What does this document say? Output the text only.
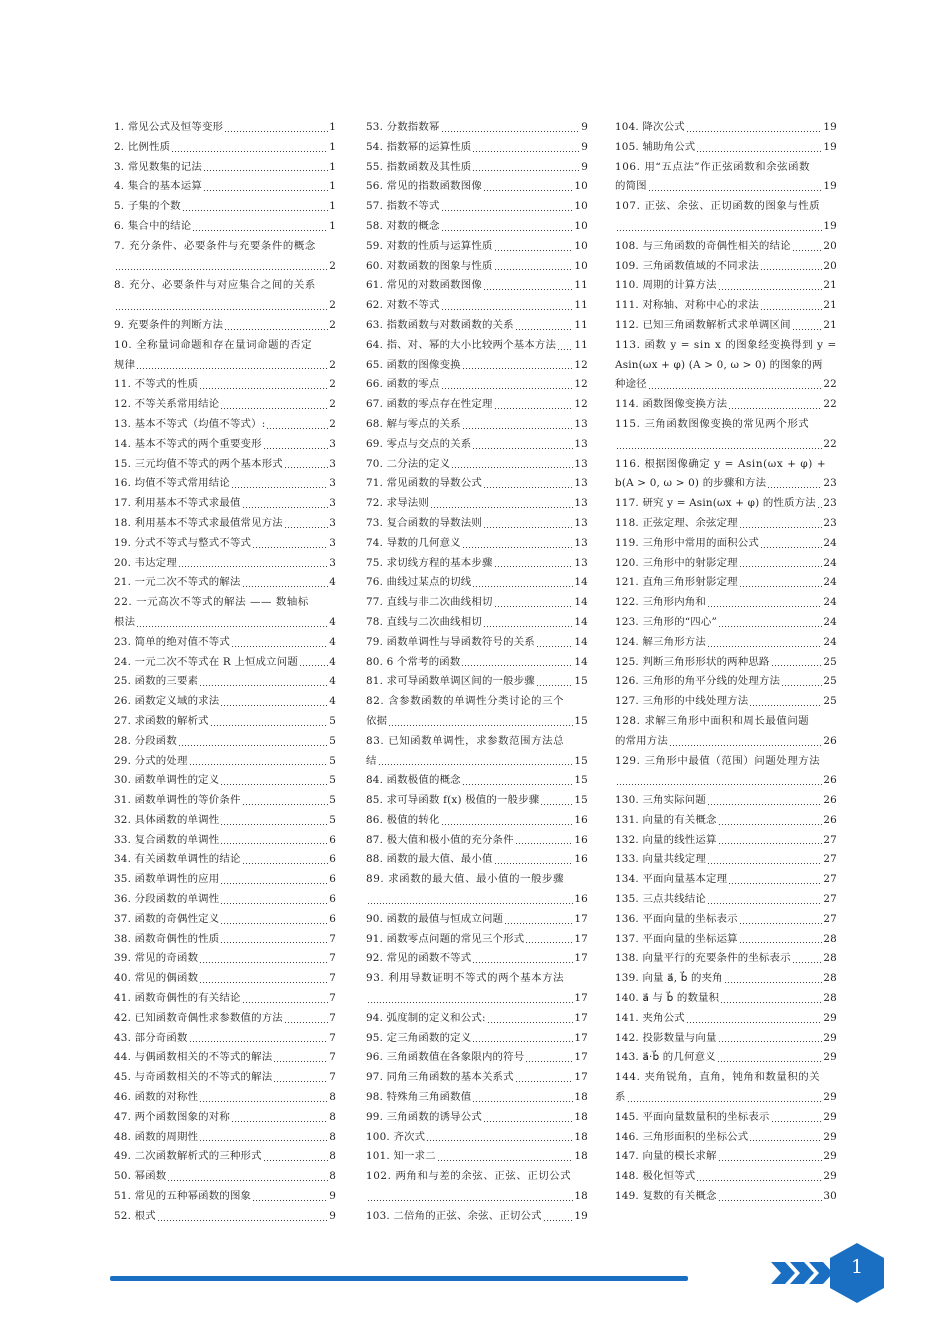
1. 常见公式及恒等变形	1
2. 比例性质	1
3. 常见数集的记法	1
4. 集合的基本运算	1
5. 子集的个数	1
6. 集合中的结论	1
7. 充分条件、必要条件与充要条件的概念
2
8. 充分、必要条件与对应集合之间的关系
2
9. 充要条件的判断方法	2
10. 全称量词命题和存在量词命题的否定
规律	2
11. 不等式的性质	2
12. 不等关系常用结论	2
13. 基本不等式（均值不等式）:	2
14. 基本不等式的两个重要变形	3
15. 三元均值不等式的两个基本形式	3
16. 均值不等式常用结论	3
17. 利用基本不等式求最值	3
18. 利用基本不等式求最值常见方法	3
19. 分式不等式与整式不等式	3
20. 韦达定理	3
21. 一元二次不等式的解法	4
22. 一元高次不等式的解法 —— 数轴标
根法	4
23. 简单的绝对值不等式	4
24. 一元二次不等式在 R 上恒成立问题	4
25. 函数的三要素	4
26. 函数定义域的求法	4
27. 求函数的解析式	5
28. 分段函数	5
29. 分式的处理	5
30. 函数单调性的定义	5
31. 函数单调性的等价条件	5
32. 具体函数的单调性	5
33. 复合函数的单调性	6
34. 有关函数单调性的结论	6
35. 函数单调性的应用	6
36. 分段函数的单调性	6
37. 函数的奇偶性定义	6
38. 函数奇偶性的性质	7
39. 常见的奇函数	7
40. 常见的偶函数	7
41. 函数奇偶性的有关结论	7
42. 已知函数奇偶性求参数值的方法	7
43. 部分奇函数	7
44. 与偶函数相关的不等式的解法	7
45. 与奇函数相关的不等式的解法	7
46. 函数的对称性	8
47. 两个函数图象的对称	8
48. 函数的周期性	8
49. 二次函数解析式的三种形式	8
50. 幂函数	8
51. 常见的五种幂函数的图象	9
52. 根式	9
53. 分数指数幂	9
54. 指数幂的运算性质	9
55. 指数函数及其性质	9
56. 常见的指数函数图像	10
57. 指数不等式	10
58. 对数的概念	10
59. 对数的性质与运算性质	10
60. 对数函数的图象与性质	10
61. 常见的对数函数图像	11
62. 对数不等式	11
63. 指数函数与对数函数的关系	11
64. 指、对、幂的大小比较两个基本方法 11
65. 函数的图像变换	12
66. 函数的零点	12
67. 函数的零点存在性定理	12
68. 解与零点的关系	13
69. 零点与交点的关系	13
70. 二分法的定义	13
71. 常见函数的导数公式	13
72. 求导法则	13
73. 复合函数的导数法则	13
74. 导数的几何意义	13
75. 求切线方程的基本步骤	13
76. 曲线过某点的切线	14
77. 直线与非二次曲线相切	14
78. 直线与二次曲线相切	14
79. 函数单调性与导函数符号的关系	14
80. 6 个常考的函数	14
81. 求可导函数单调区间的一般步骤	15
82. 含参数函数的单调性分类讨论的三个
依据	15
83. 已知函数单调性，求参数范围方法总
结	15
84. 函数极值的概念	15
85. 求可导函数 f(x) 极值的一般步骤	15
86. 极值的转化	16
87. 极大值和极小值的充分条件	16
88. 函数的最大值、最小值	16
89. 求函数的最大值、最小值的一般步骤
16
90. 函数的最值与恒成立问题	17
91. 函数零点问题的常见三个形式	17
92. 常见的函数不等式	17
93. 利用导数证明不等式的两个基本方法
17
94. 弧度制的定义和公式:	17
95. 定三角函数的定义	17
96. 三角函数值在各象限内的符号	17
97. 同角三角函数的基本关系式	17
98. 特殊角三角函数值	18
99. 三角函数的诱导公式	18
100. 齐次式	18
101. 知一求二	18
102. 两角和与差的余弦、正弦、正切公式
18
103. 二倍角的正弦、余弦、正切公式	19
104. 降次公式	19
105. 辅助角公式	19
106. 用“五点法”作正弦函数和余弦函数
的简图	19
107. 正弦、余弦、正切函数的图象与性质
19
108. 与三角函数的奇偶性相关的结论	20
109. 三角函数值域的不同求法	20
110. 周期的计算方法	21
111. 对称轴、对称中心的求法	21
112. 已知三角函数解析式求单调区间	21
113. 函数 y = sin x 的图象经变换得到 y =
Asin(ωx + φ) (A > 0, ω > 0) 的图象的两
种途径	22
114. 函数图像变换方法	22
115. 三角函数图像变换的常见两个形式
22
116. 根据图像确定 y = Asin(ωx + φ) +
b(A > 0, ω > 0) 的步骤和方法	23
117. 研究 y = Asin(ωx + φ) 的性质方法 23
118. 正弦定理、余弦定理	23
119. 三角形中常用的面积公式	24
120. 三角形中的射影定理	24
121. 直角三角形射影定理	24
122. 三角形内角和	24
123. 三角形的“四心”	24
124. 解三角形方法	24
125. 判断三角形形状的两种思路	25
126. 三角形的角平分线的处理方法	25
127. 三角形的中线处理方法	25
128. 求解三角形中面积和周长最值问题
的常用方法	26
129. 三角形中最值（范围）问题处理方法
26
130. 三角实际问题	26
131. 向量的有关概念	26
132. 向量的线性运算	27
133. 向量共线定理	27
134. 平面向量基本定理	27
135. 三点共线结论	27
136. 平面向量的坐标表示	27
137. 平面向量的坐标运算	28
138. 向量平行的充要条件的坐标表示	28
139. 向量 a⃗, b⃗ 的夹角	28
140. a⃗ 与 b⃗ 的数量积	28
141. 夹角公式	29
142. 投影数量与向量	29
143. a⃗·b⃗ 的几何意义	29
144. 夹角锐角，直角，钝角和数量积的关
系	29
145. 平面向量数量积的坐标表示	29
146. 三角形面积的坐标公式	29
147. 向量的模长求解	29
148. 极化恒等式	29
149. 复数的有关概念	30
1
